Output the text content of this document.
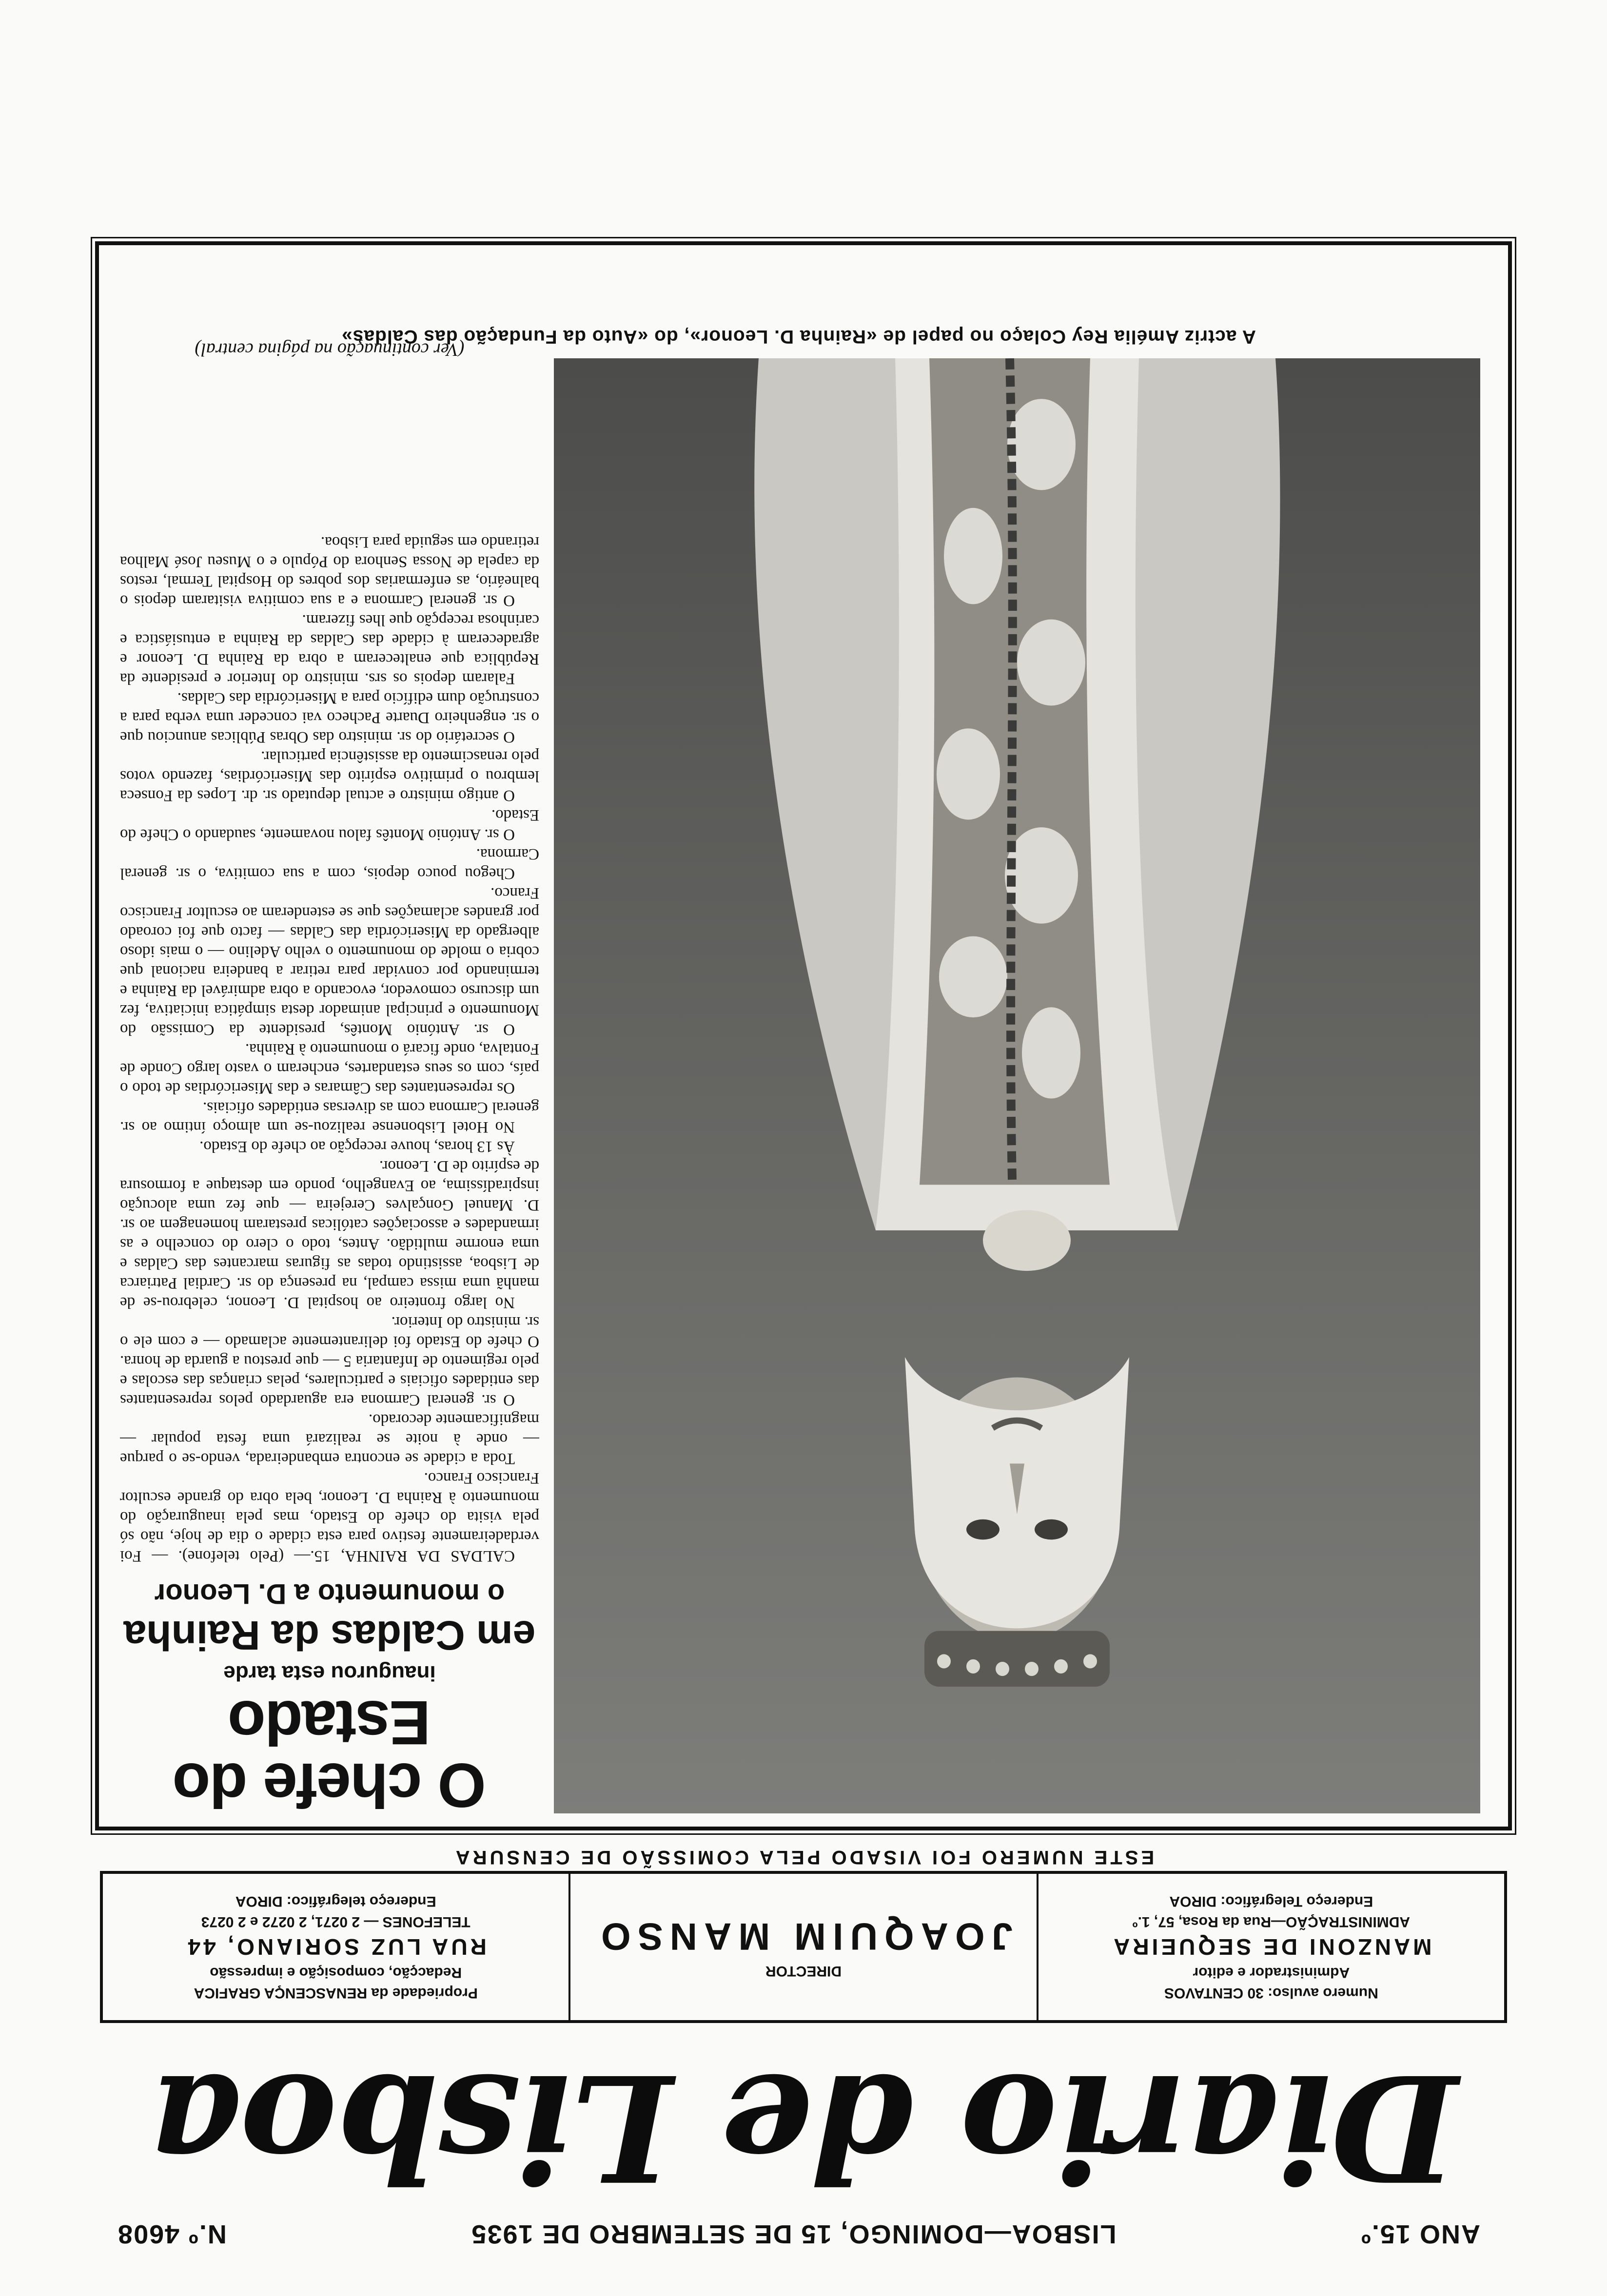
ANO 15.º
LISBOA—DOMINGO, 15 DE SETEMBRO DE 1935
N.º 4608
Diario de Lisboa
Numero avulso: 30 CENTAVOS
Administrador e editor
MANZONI DE SEQUEIRA
ADMINISTRAÇÃO—Rua da Rosa, 57, 1.º
Endereço Telegráfico: DIROA
DIRECTOR
JOAQUIM MANSO
Propriedade da RENASCENÇA GRAFICA
Redacção, composição e impressão
RUA LUZ SORIANO, 44
TELEFONES — 2 0271, 2 0272 e 2 0273
Endereço telegráfico: DIROA
ESTE NUMERO FOI VISADO PELA COMISSÃO DE CENSURA
A actriz Amélia Rey Colaço no papel de «Rainha D. Leonor», do «Auto da Fundação das Caldas»
O chefe do Estado
inaugurou esta tarde
em Caldas da Rainha
o monumento a D. Leonor

CALDAS DA RAINHA, 15.— (Pelo telefone). — Foi verdadeiramente festivo para esta cidade o dia de hoje, não só pela visita do chefe do Estado, mas pela inauguração do monumento à Rainha D. Leonor, bela obra do grande escultor Francisco Franco.

Toda a cidade se encontra embandeirada, vendo-se o parque — onde à noite se realizará uma festa popular — magnificamente decorado.

O sr. general Carmona era aguardado pelos representantes das entidades oficiais e particulares, pelas crianças das escolas e pelo regimento de Infantaria 5 — que prestou a guarda de honra. O chefe do Estado foi delirantemente aclamado — e com ele o sr. ministro do Interior.

No largo fronteiro ao hospital D. Leonor, celebrou-se de manhã uma missa campal, na presença do sr. Cardial Patriarca de Lisboa, assistindo todas as figuras marcantes das Caldas e uma enorme multidão. Antes, todo o clero do concelho e as irmandades e associações católicas prestaram homenagem ao sr. D. Manuel Gonçalves Cerejeira — que fez uma alocução inspiradíssima, ao Evangelho, pondo em destaque a formosura de espírito de D. Leonor.

Às 13 horas, houve recepção ao chefe do Estado.

No Hotel Lisbonense realizou-se um almoço íntimo ao sr. general Carmona com as diversas entidades oficiais.

Os representantes das Câmaras e das Misericórdias de todo o país, com os seus estandartes, encheram o vasto largo Conde de Fontalva, onde ficará o monumento à Rainha.

O sr. António Montês, presidente da Comissão do Monumento e principal animador desta simpática iniciativa, fez um discurso comovedor, evocando a obra admirável da Rainha e terminando por convidar para retirar a bandeira nacional que cobria o molde do monumento o velho Adelino — o mais idoso albergado da Misericórdia das Caldas — facto que foi coroado por grandes aclamações que se estenderam ao escultor Francisco Franco.

Chegou pouco depois, com a sua comitiva, o sr. general Carmona.

O sr. António Montês falou novamente, saudando o Chefe do Estado.

O antigo ministro e actual deputado sr. dr. Lopes da Fonseca lembrou o primitivo espírito das Misericórdias, fazendo votos pelo renascimento da assistência particular.

O secretário do sr. ministro das Obras Públicas anunciou que o sr. engenheiro Duarte Pacheco vai conceder uma verba para a construção dum edifício para a Misericórdia das Caldas.

Falaram depois os srs. ministro do Interior e presidente da República que enalteceram a obra da Rainha D. Leonor e agradeceram à cidade das Caldas da Rainha a entusiástica e carinhosa recepção que lhes fizeram.

O sr. general Carmona e a sua comitiva visitaram depois o balneário, as enfermarias dos pobres do Hospital Termal, restos da capela de Nossa Senhora do Pópulo e o Museu José Malhoa retirando em seguida para Lisboa.

(Ver continuação na página central)
